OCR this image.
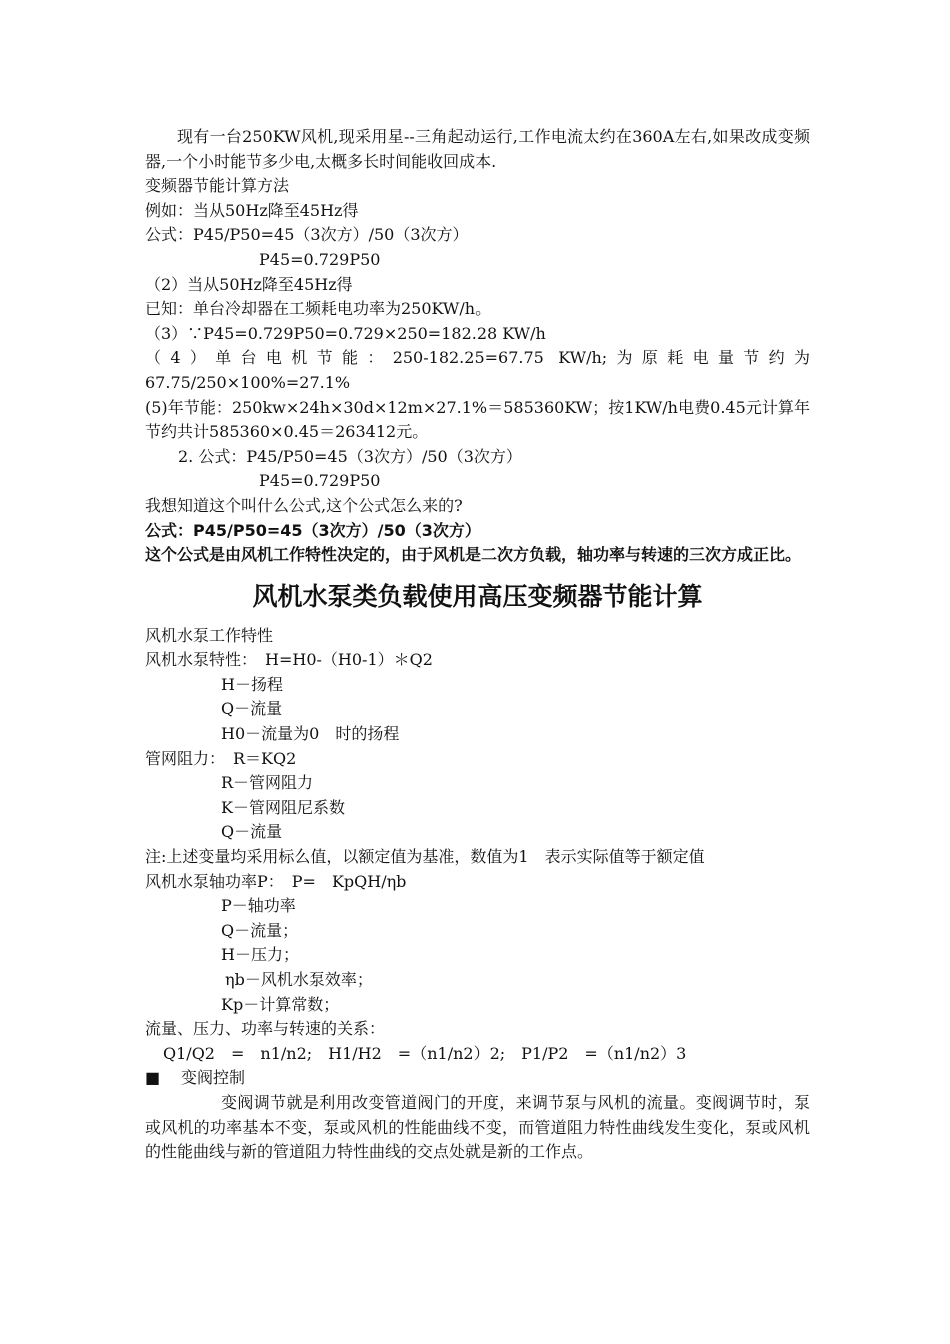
现有一台250KW风机,现采用星--三角起动运行,工作电流太约在360A左右,如果改成变频器,一个小时能节多少电,太概多长时间能收回成本.
变频器节能计算方法
例如：当从50Hz降至45Hz得
公式：P45/P50=45（3次方）/50（3次方）
P45=0.729P50
（2）当从50Hz降至45Hz得
已知：单台冷却器在工频耗电功率为250KW/h。
（3）∵P45=0.729P50=0.729×250=182.28 KW/h
（4）单台电机节能：250-182.25=67.75 KW/h;为原耗电量节约为
67.75/250×100%=27.1%
(5)年节能：250kw×24h×30d×12m×27.1%＝585360KW；按1KW/h电费0.45元计算年节约共计585360×0.45＝263412元。
2. 公式：P45/P50=45（3次方）/50（3次方）
P45=0.729P50
我想知道这个叫什么公式,这个公式怎么来的?
公式：P45/P50=45（3次方）/50（3次方）
这个公式是由风机工作特性决定的，由于风机是二次方负载，轴功率与转速的三次方成正比。
风机水泵类负载使用高压变频器节能计算
风机水泵工作特性
风机水泵特性：　H=H0-（H0-1）＊Q2
H－扬程
Q－流量
H0－流量为0　时的扬程
管网阻力：　R＝KQ2
R－管网阻力
K－管网阻尼系数
Q－流量
注:上述变量均采用标么值，以额定值为基准，数值为1　表示实际值等于额定值
风机水泵轴功率P：　P=　KpQH/ηb
P－轴功率
Q－流量；
H－压力；
ηb－风机水泵效率；
Kp－计算常数；
流量、压力、功率与转速的关系：
Q1/Q2　=　n1/n2;　H1/H2　=（n1/n2）2;　P1/P2　=（n1/n2）3
■ 变阀控制
变阀调节就是利用改变管道阀门的开度，来调节泵与风机的流量。变阀调节时，泵或风机的功率基本不变，泵或风机的性能曲线不变，而管道阻力特性曲线发生变化，泵或风机的性能曲线与新的管道阻力特性曲线的交点处就是新的工作点。
